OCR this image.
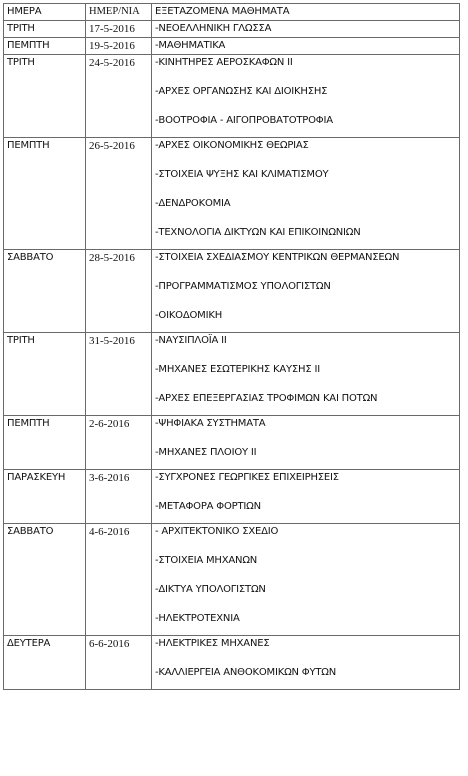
ΗΜΕΡΑ	ΗΜΕΡ/ΝΙΑ	ΕΞΕΤΑΖΟΜΕΝΑ ΜΑΘΗΜΑΤΑ
ΤΡΙΤΗ	17-5-2016	-ΝΕΟΕΛΛΗΝΙΚΗ ΓΛΩΣΣΑ

ΠΕΜΠΤΗ	19-5-2016	-ΜΑΘΗΜΑΤΙΚΑ

ΤΡΙΤΗ	24-5-2016	-ΚΙΝΗΤΗΡΕΣ ΑΕΡΟΣΚΑΦΩΝ ΙΙ
-ΑΡΧΕΣ ΟΡΓΑΝΩΣΗΣ ΚΑΙ ΔΙΟΙΚΗΣΗΣ
-ΒΟΟΤΡΟΦΙΑ - ΑΙΓΟΠΡΟΒΑΤΟΤΡΟΦΙΑ

ΠΕΜΠΤΗ	26-5-2016	-ΑΡΧΕΣ ΟΙΚΟΝΟΜΙΚΗΣ ΘΕΩΡΙΑΣ
-ΣΤΟΙΧΕΙΑ ΨΥΞΗΣ ΚΑΙ ΚΛΙΜΑΤΙΣΜΟΥ
-ΔΕΝΔΡΟΚΟΜΙΑ
-ΤΕΧΝΟΛΟΓΙΑ ΔΙΚΤΥΩΝ ΚΑΙ ΕΠΙΚΟΙΝΩΝΙΩΝ

ΣΑΒΒΑΤΟ	28-5-2016	-ΣΤΟΙΧΕΙΑ ΣΧΕΔΙΑΣΜΟΥ ΚΕΝΤΡΙΚΩΝ ΘΕΡΜΑΝΣΕΩΝ
-ΠΡΟΓΡΑΜΜΑΤΙΣΜΟΣ ΥΠΟΛΟΓΙΣΤΩΝ
-ΟΙΚΟΔΟΜΙΚΗ

ΤΡΙΤΗ	31-5-2016	-ΝΑΥΣΙΠΛΟΪΑ ΙΙ
-ΜΗΧΑΝΕΣ ΕΣΩΤΕΡΙΚΗΣ ΚΑΥΣΗΣ ΙΙ
-ΑΡΧΕΣ ΕΠΕΞΕΡΓΑΣΙΑΣ ΤΡΟΦΙΜΩΝ ΚΑΙ ΠΟΤΩΝ

ΠΕΜΠΤΗ	2-6-2016	-ΨΗΦΙΑΚΑ ΣΥΣΤΗΜΑΤΑ
-ΜΗΧΑΝΕΣ ΠΛΟΙΟΥ ΙΙ

ΠΑΡΑΣΚΕΥΗ	3-6-2016	-ΣΥΓΧΡΟΝΕΣ ΓΕΩΡΓΙΚΕΣ ΕΠΙΧΕΙΡΗΣΕΙΣ
-ΜΕΤΑΦΟΡΑ ΦΟΡΤΙΩΝ

ΣΑΒΒΑΤΟ	4-6-2016	- ΑΡΧΙΤΕΚΤΟΝΙΚΟ ΣΧΕΔΙΟ
-ΣΤΟΙΧΕΙΑ ΜΗΧΑΝΩΝ
-ΔΙΚΤΥΑ ΥΠΟΛΟΓΙΣΤΩΝ
-ΗΛΕΚΤΡΟΤΕΧΝΙΑ

ΔΕΥΤΕΡΑ	6-6-2016	-ΗΛΕΚΤΡΙΚΕΣ ΜΗΧΑΝΕΣ
-ΚΑΛΛΙΕΡΓΕΙΑ ΑΝΘΟΚΟΜΙΚΩΝ ΦΥΤΩΝ
